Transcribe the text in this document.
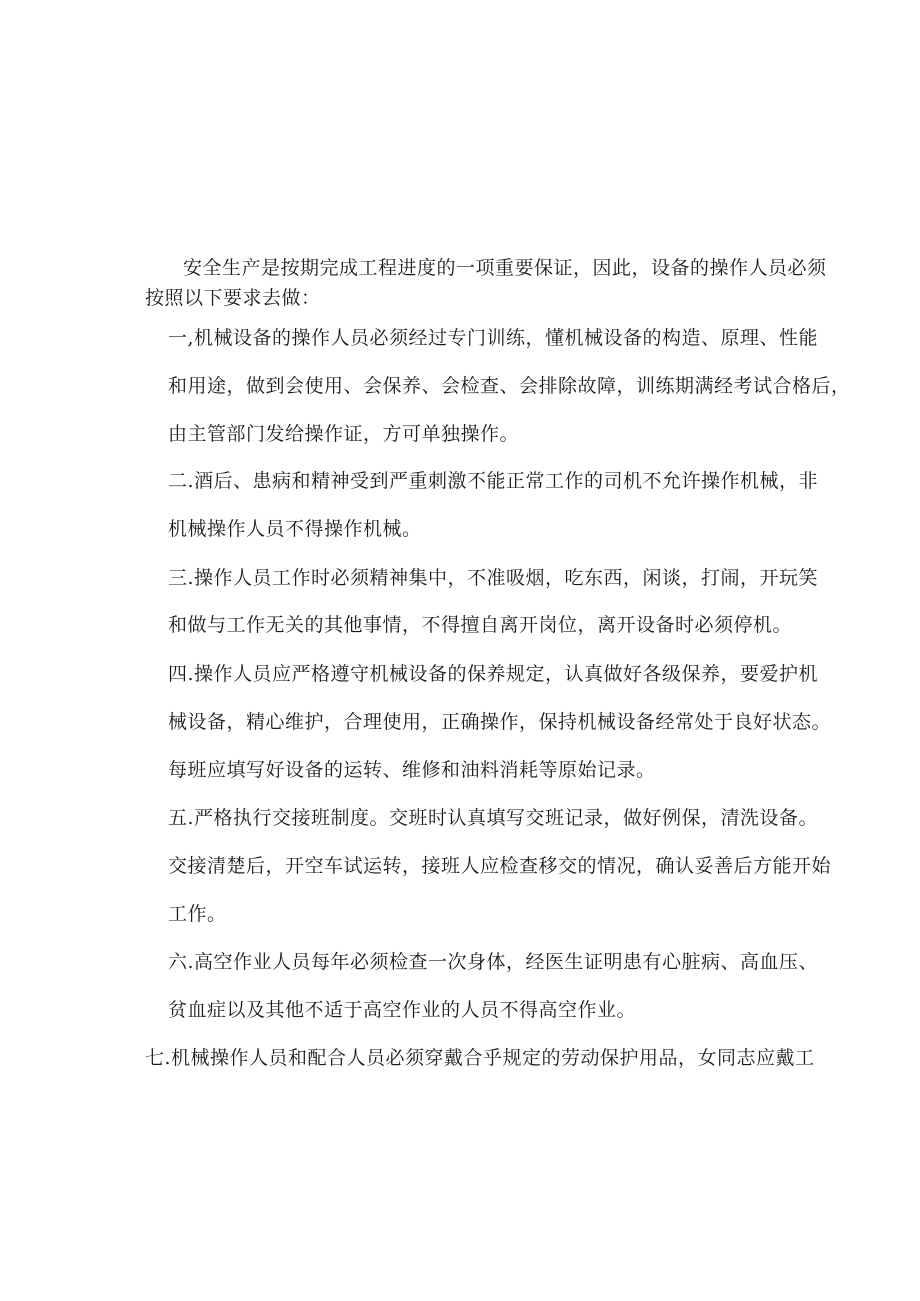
安全生产是按期完成工程进度的一项重要保证，因此，设备的操作人员必须
按照以下要求去做：
一,机械设备的操作人员必须经过专门训练，懂机械设备的构造、原理、性能
和用途，做到会使用、会保养、会检查、会排除故障，训练期满经考试合格后，
由主管部门发给操作证，方可单独操作。
二.酒后、患病和精神受到严重刺激不能正常工作的司机不允许操作机械，非
机械操作人员不得操作机械。
三.操作人员工作时必须精神集中，不准吸烟，吃东西，闲谈，打闹，开玩笑
和做与工作无关的其他事情，不得擅自离开岗位，离开设备时必须停机。
四.操作人员应严格遵守机械设备的保养规定，认真做好各级保养，要爱护机
械设备，精心维护，合理使用，正确操作，保持机械设备经常处于良好状态。
每班应填写好设备的运转、维修和油料消耗等原始记录。
五.严格执行交接班制度。交班时认真填写交班记录，做好例保，清洗设备。
交接清楚后，开空车试运转，接班人应检查移交的情况，确认妥善后方能开始
工作。
六.高空作业人员每年必须检查一次身体，经医生证明患有心脏病、高血压、
贫血症以及其他不适于高空作业的人员不得高空作业。
七.机械操作人员和配合人员必须穿戴合乎规定的劳动保护用品，女同志应戴工
